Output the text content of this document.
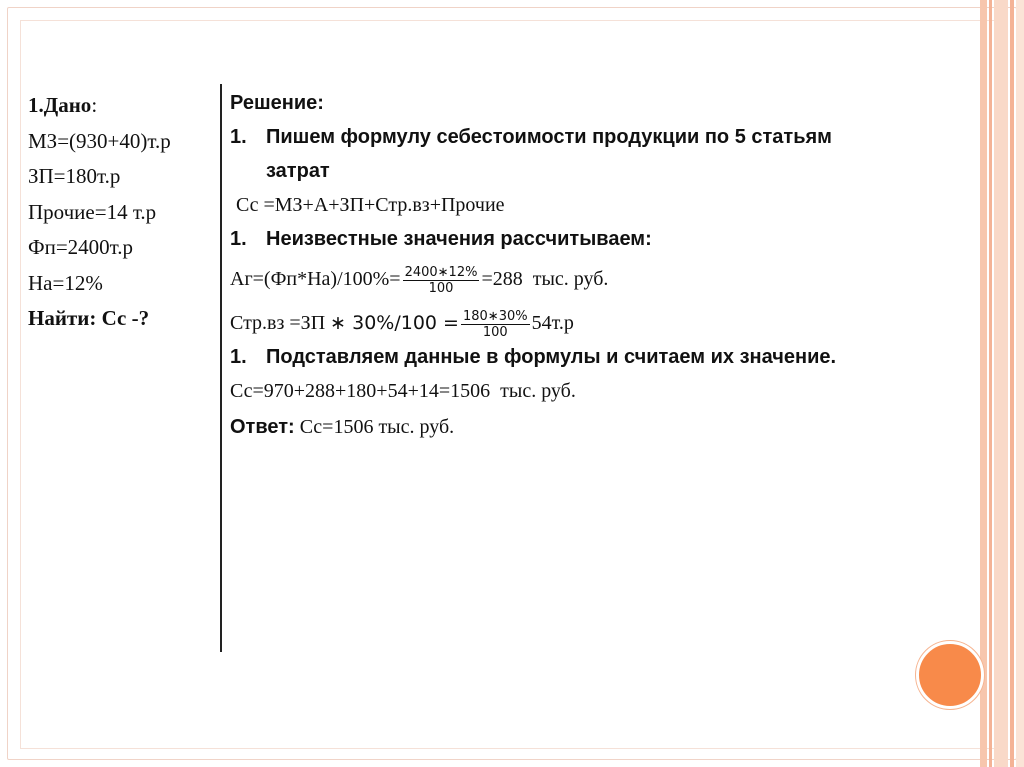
1.Дано:
МЗ=(930+40)т.р
ЗП=180т.р
Прочие=14 т.р
Фп=2400т.р
На=12%
Найти: Сс -?
Решение:
1. Пишем формулу себестоимости продукции по 5 статьям
затрат
Сс =МЗ+А+ЗП+Стр.вз+Прочие
1. Неизвестные значения рассчитываем:
$Аг=(Фп*На)/100\%= \frac{2400∗12\%}{100} =288$  тыс. руб.
Стр.вз =ЗП ∗ $30\%/100 = \frac{180∗30\%}{100} 54т.р$
1. Подставляем данные в формулы и считаем их значение.
Сс=970+288+180+54+14=1506  тыс. руб.
Ответ: Сс=1506 тыс. руб.
